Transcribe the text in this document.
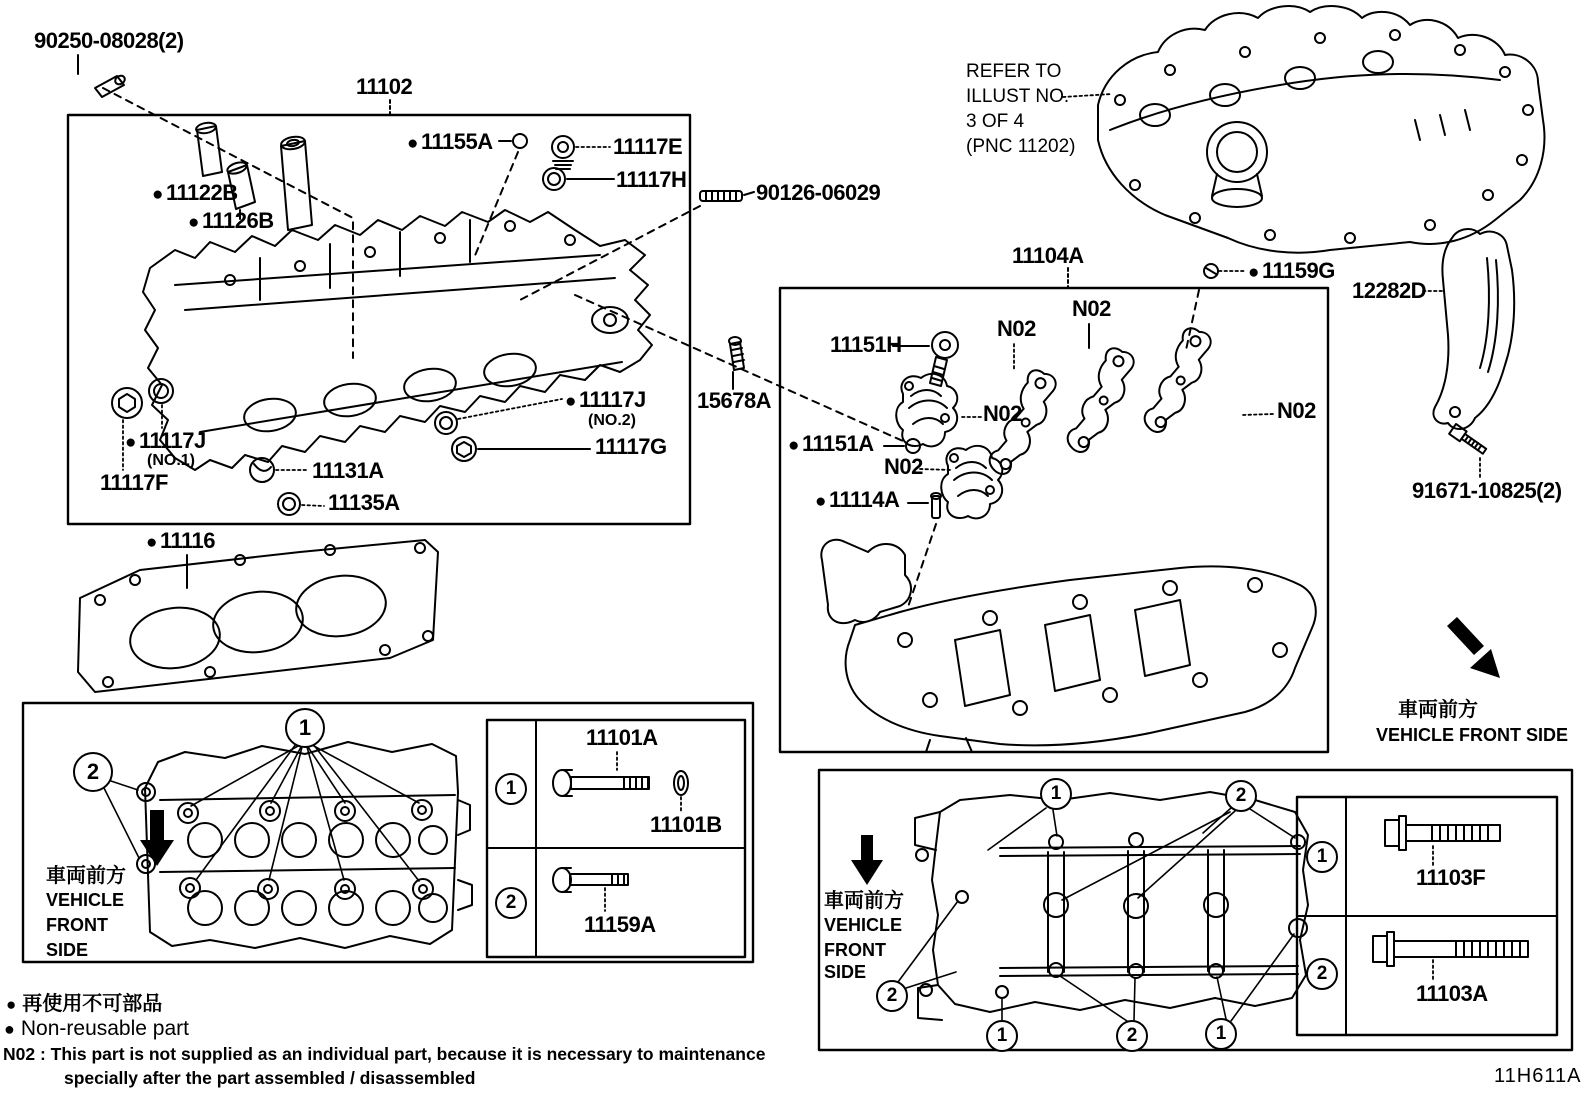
90250-08028(2)
11102
● 11155A	11117E
11117H
● 11122B
● 11126B
90126-06029
REFER TO
ILLUST NO.
3 OF 4
(PNC 11202)
11104A
● 11159G
12282D
11151H
N02
N02
N02
N02
N02
15678A
● 11151A
● 11114A
● 11117J
(NO.2)
11117G
● 11117J
(NO.1)
11117F	11131A
11135A
● 11116
91671-10825(2)
11101A
11101B
11159A
11103F
11103A
1
2
1
2
1	2
2
1	2	1
1
2
車両前方
VEHICLE
FRONT
SIDE
車両前方
VEHICLE
FRONT
SIDE
車両前方
VEHICLE FRONT SIDE
● 再使用不可部品
● Non-reusable part
N02 : This part is not supplied as an individual part, because it is necessary to maintenance
specially after the part assembled / disassembled	11H611A
